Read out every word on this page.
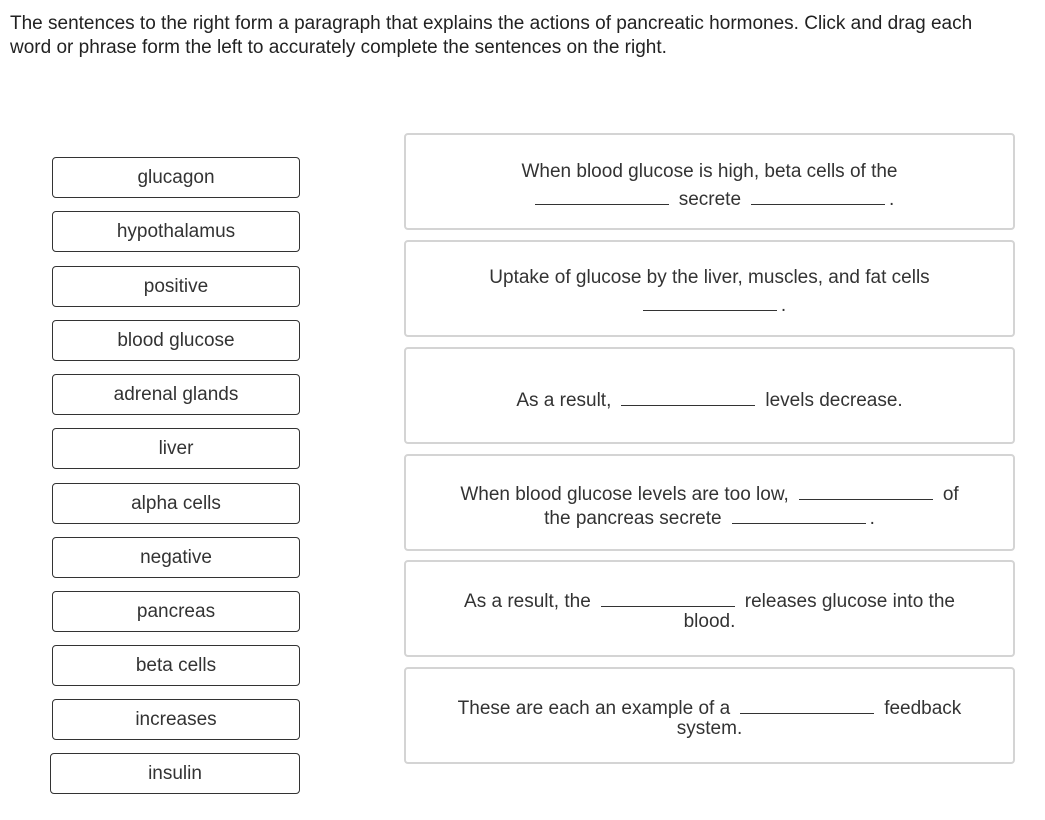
The sentences to the right form a paragraph that explains the actions of pancreatic hormones. Click and drag each word or phrase form the left to accurately complete the sentences on the right.

glucagon
hypothalamus
positive
blood glucose
adrenal glands
liver
alpha cells
negative
pancreas
beta cells
increases
insulin
When blood glucose is high, beta cells of the
secrete	.
Uptake of glucose by the liver, muscles, and fat cells
.
As a result,	levels decrease.
When blood glucose levels are too low,	of
the pancreas secrete	.
As a result, the	releases glucose into the
blood.
These are each an example of a	feedback
system.
